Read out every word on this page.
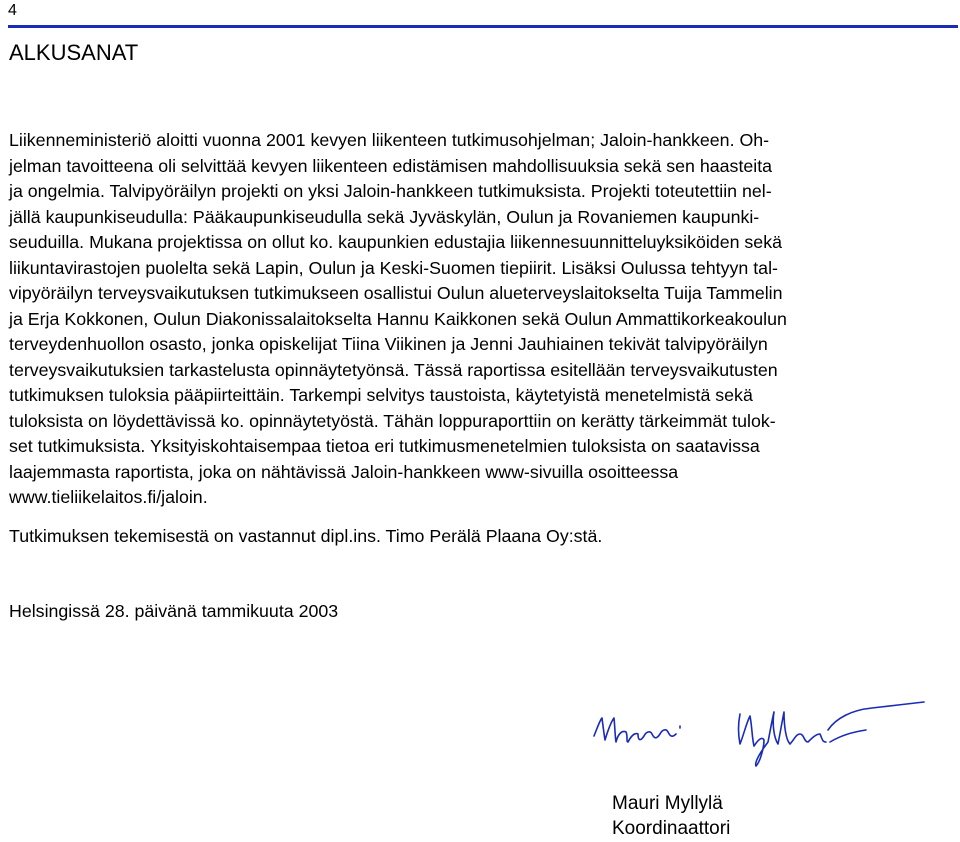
4
ALKUSANAT

Liikenneministeriö aloitti vuonna 2001 kevyen liikenteen tutkimusohjelman; Jaloin-hankkeen. Oh-
jelman tavoitteena oli selvittää kevyen liikenteen edistämisen mahdollisuuksia sekä sen haasteita
ja ongelmia. Talvipyöräilyn projekti on yksi Jaloin-hankkeen tutkimuksista. Projekti toteutettiin nel-
jällä kaupunkiseudulla: Pääkaupunkiseudulla sekä Jyväskylän, Oulun ja Rovaniemen kaupunki-
seuduilla. Mukana projektissa on ollut ko. kaupunkien edustajia liikennesuunnitteluyksiköiden sekä
liikuntavirastojen puolelta sekä Lapin, Oulun ja Keski-Suomen tiepiirit. Lisäksi Oulussa tehtyyn tal-
vipyöräilyn terveysvaikutuksen tutkimukseen osallistui Oulun alueterveyslaitokselta Tuija Tammelin
ja Erja Kokkonen, Oulun Diakonissalaitokselta Hannu Kaikkonen sekä Oulun Ammattikorkeakoulun
terveydenhuollon osasto, jonka opiskelijat Tiina Viikinen ja Jenni Jauhiainen tekivät talvipyöräilyn
terveysvaikutuksien tarkastelusta opinnäytetyönsä. Tässä raportissa esitellään terveysvaikutusten
tutkimuksen tuloksia pääpiirteittäin. Tarkempi selvitys taustoista, käytetyistä menetelmistä sekä
tuloksista on löydettävissä ko. opinnäytetyöstä. Tähän loppuraporttiin on kerätty tärkeimmät tulok-
set tutkimuksista. Yksityiskohtaisempaa tietoa eri tutkimusmenetelmien tuloksista on saatavissa
laajemmasta raportista, joka on nähtävissä Jaloin-hankkeen www-sivuilla osoitteessa
www.tieliikelaitos.fi/jaloin.

Tutkimuksen tekemisestä on vastannut dipl.ins. Timo Perälä Plaana Oy:stä.

Helsingissä 28. päivänä tammikuuta 2003

Mauri Myllylä
Koordinaattori
